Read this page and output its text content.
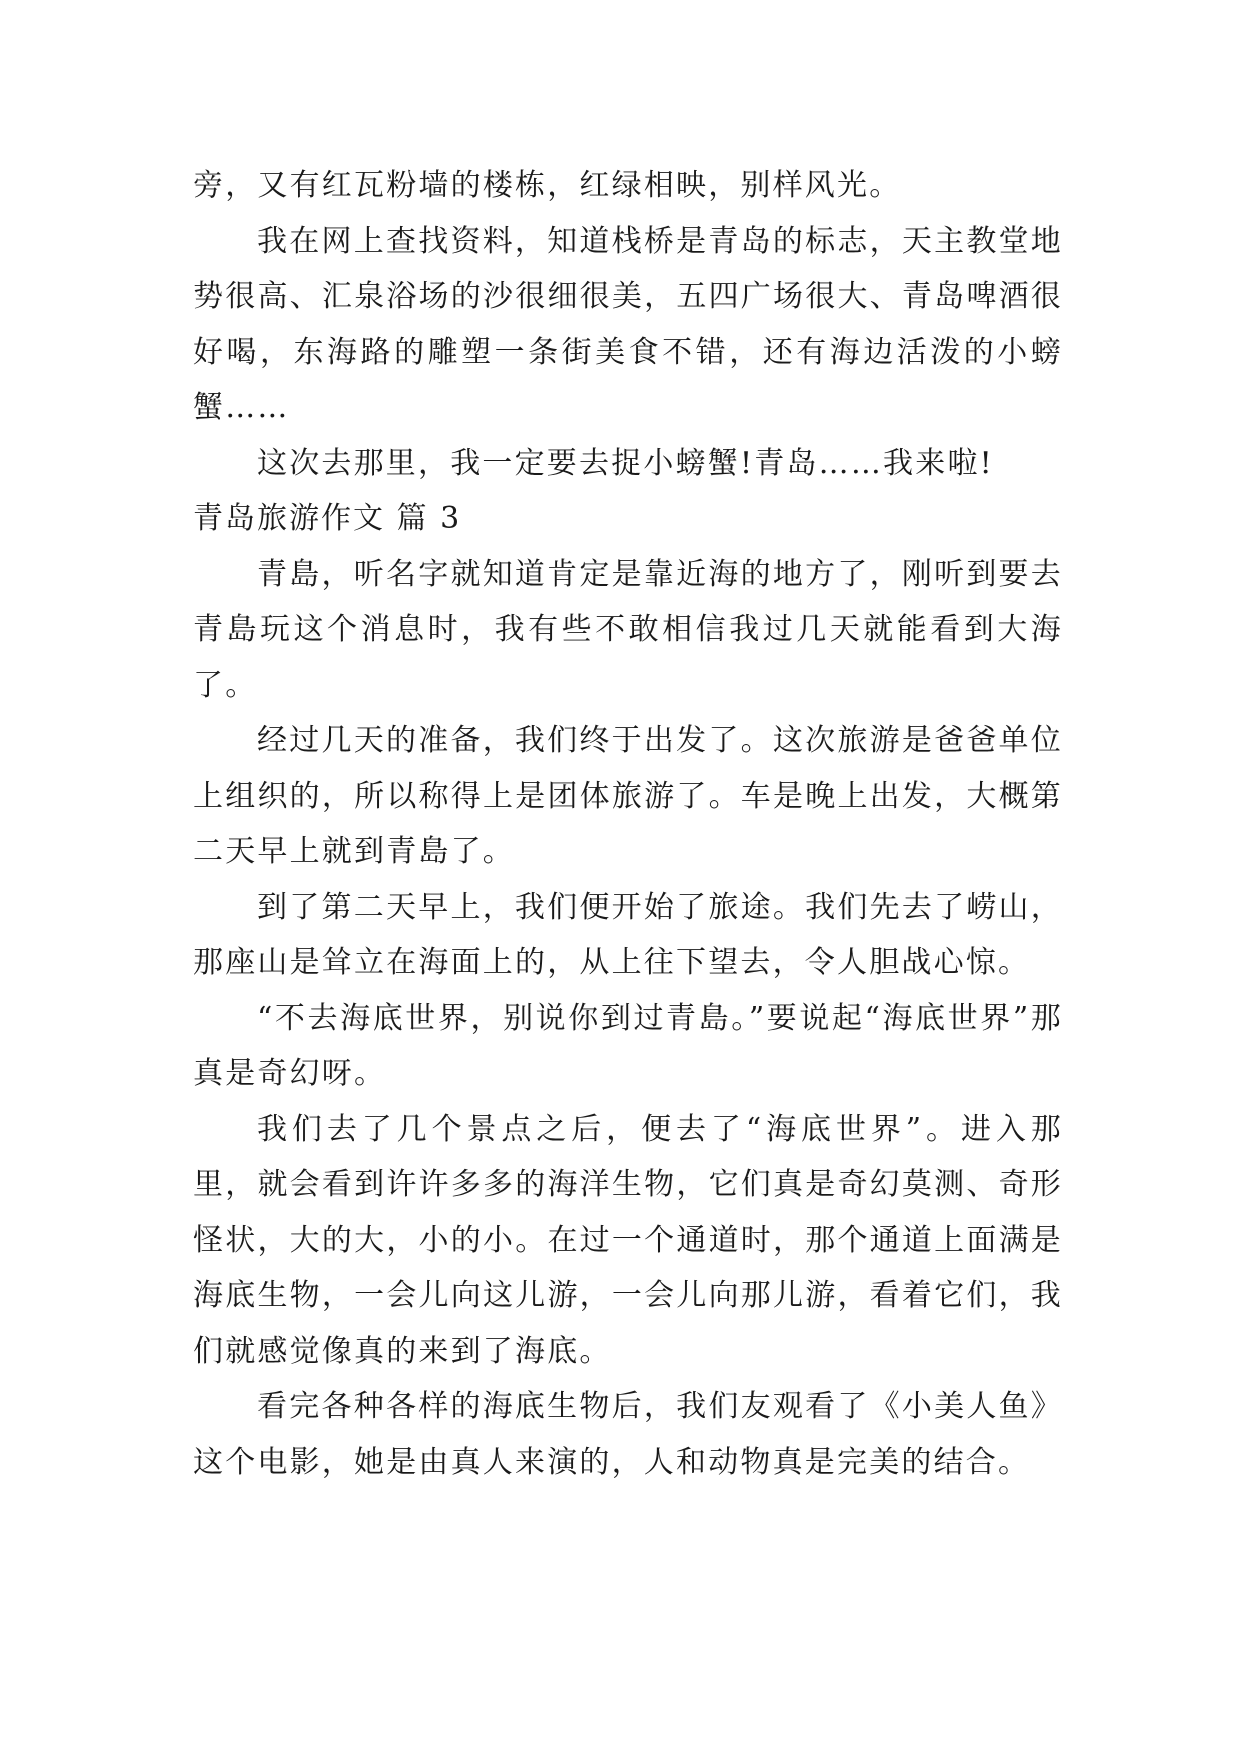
旁，又有红瓦粉墙的楼栋，红绿相映，别样风光。

我在网上查找资料，知道栈桥是青岛的标志，天主教堂地势很高、汇泉浴场的沙很细很美，五四广场很大、青岛啤酒很好喝，东海路的雕塑一条街美食不错，还有海边活泼的小螃蟹……

这次去那里，我一定要去捉小螃蟹!青岛……我来啦!

青岛旅游作文 篇 3

青島，听名字就知道肯定是靠近海的地方了，刚听到要去青島玩这个消息时，我有些不敢相信我过几天就能看到大海了。

经过几天的准备，我们终于出发了。这次旅游是爸爸单位上组织的，所以称得上是团体旅游了。车是晚上出发，大概第二天早上就到青島了。

到了第二天早上，我们便开始了旅途。我们先去了崂山，那座山是耸立在海面上的，从上往下望去，令人胆战心惊。

“不去海底世界，别说你到过青島。”要说起“海底世界”那真是奇幻呀。

我们去了几个景点之后，便去了“海底世界”。进入那里，就会看到许许多多的海洋生物，它们真是奇幻莫测、奇形怪状，大的大，小的小。在过一个通道时，那个通道上面满是海底生物，一会儿向这儿游，一会儿向那儿游，看着它们，我们就感觉像真的来到了海底。

看完各种各样的海底生物后，我们友观看了《小美人鱼》这个电影，她是由真人来演的，人和动物真是完美的结合。
